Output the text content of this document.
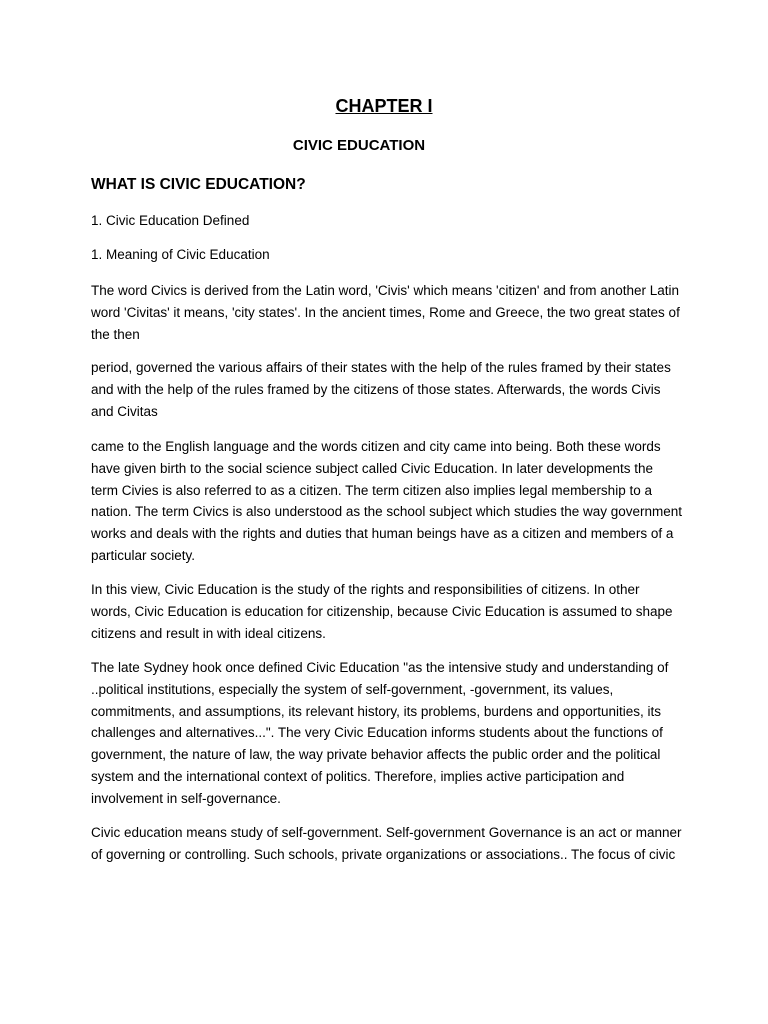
CHAPTER I
CIVIC EDUCATION
WHAT IS CIVIC EDUCATION?
1. Civic Education Defined
1. Meaning of Civic Education

The word Civics is derived from the Latin word, 'Civis' which means 'citizen' and from another Latin word 'Civitas' it means, 'city states'. In the ancient times, Rome and Greece, the two great states of the then

period, governed the various affairs of their states with the help of the rules framed by their states and with the help of the rules framed by the citizens of those states. Afterwards, the words Civis and Civitas

came to the English language and the words citizen and city came into being. Both these words have given birth to the social science subject called Civic Education. In later developments the term Civies is also referred to as a citizen. The term citizen also implies legal membership to a nation. The term Civics is also understood as the school subject which studies the way government works and deals with the rights and duties that human beings have as a citizen and members of a particular society.

In this view, Civic Education is the study of the rights and responsibilities of citizens. In other words, Civic Education is education for citizenship, because Civic Education is assumed to shape citizens and result in with ideal citizens.

The late Sydney hook once defined Civic Education "as the intensive study and understanding of ..political institutions, especially the system of self-government, -government, its values, commitments, and assumptions, its relevant history, its problems, burdens and opportunities, its challenges and alternatives...". The very Civic Education informs students about the functions of government, the nature of law, the way private behavior affects the public order and the political system and the international context of politics. Therefore, implies active participation and involvement in self-governance.

Civic education means study of self-government. Self-government Governance is an act or manner of governing or controlling. Such schools, private organizations or associations.. The focus of civic
